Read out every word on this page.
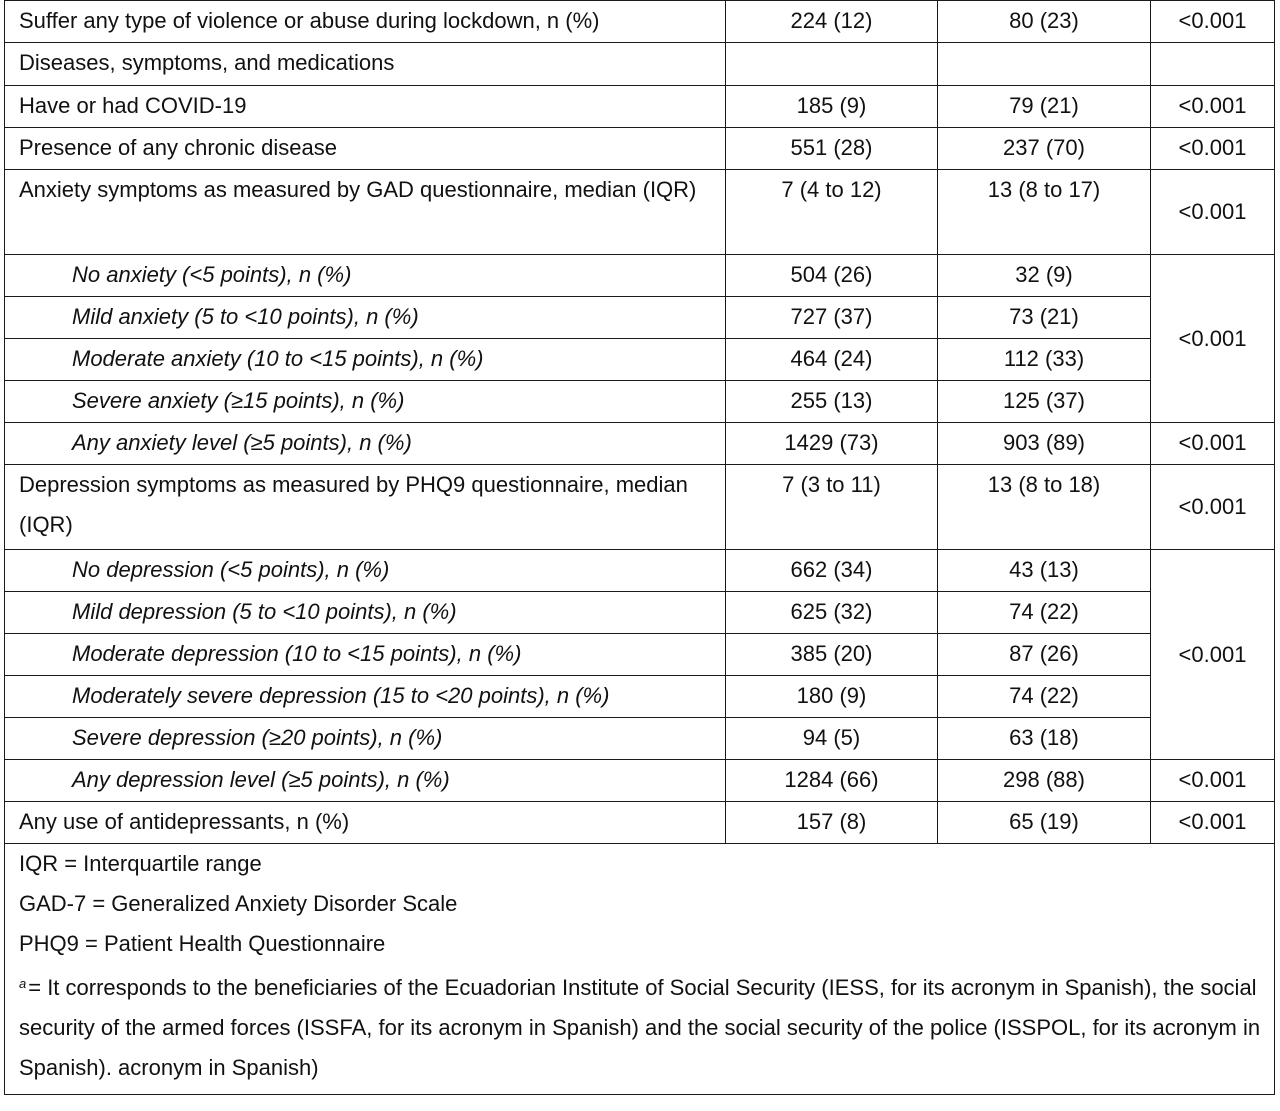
Suffer any type of violence or abuse during lockdown, n (%)	224 (12)	80 (23)	<0.001
Diseases, symptoms, and medications			
Have or had COVID-19	185 (9)	79 (21)	<0.001
Presence of any chronic disease	551 (28)	237 (70)	<0.001
Anxiety symptoms as measured by GAD questionnaire, median (IQR)	7 (4 to 12)	13 (8 to 17)	<0.001
No anxiety (<5 points), n (%)	504 (26)	32 (9)	<0.001
Mild anxiety (5 to <10 points), n (%)	727 (37)	73 (21)	
Moderate anxiety (10 to <15 points), n (%)	464 (24)	112 (33)	
Severe anxiety (≥15 points), n (%)	255 (13)	125 (37)	
Any anxiety level (≥5 points), n (%)	1429 (73)	903 (89)	<0.001
Depression symptoms as measured by PHQ9 questionnaire, median (IQR)	7 (3 to 11)	13 (8 to 18)	<0.001
No depression (<5 points), n (%)	662 (34)	43 (13)	<0.001
Mild depression (5 to <10 points), n (%)	625 (32)	74 (22)	
Moderate depression (10 to <15 points), n (%)	385 (20)	87 (26)	
Moderately severe depression (15 to <20 points), n (%)	180 (9)	74 (22)	
Severe depression (≥20 points), n (%)	94 (5)	63 (18)	
Any depression level (≥5 points), n (%)	1284 (66)	298 (88)	<0.001
Any use of antidepressants, n (%)	157 (8)	65 (19)	<0.001

IQR = Interquartile range
GAD-7 = Generalized Anxiety Disorder Scale
PHQ9 = Patient Health Questionnaire
$^a$= It corresponds to the beneficiaries of the Ecuadorian Institute of Social Security (IESS, for its acronym in Spanish), the social security of the armed forces (ISSFA, for its acronym in Spanish) and the social security of the police (ISSPOL, for its acronym in Spanish). acronym in Spanish)			
